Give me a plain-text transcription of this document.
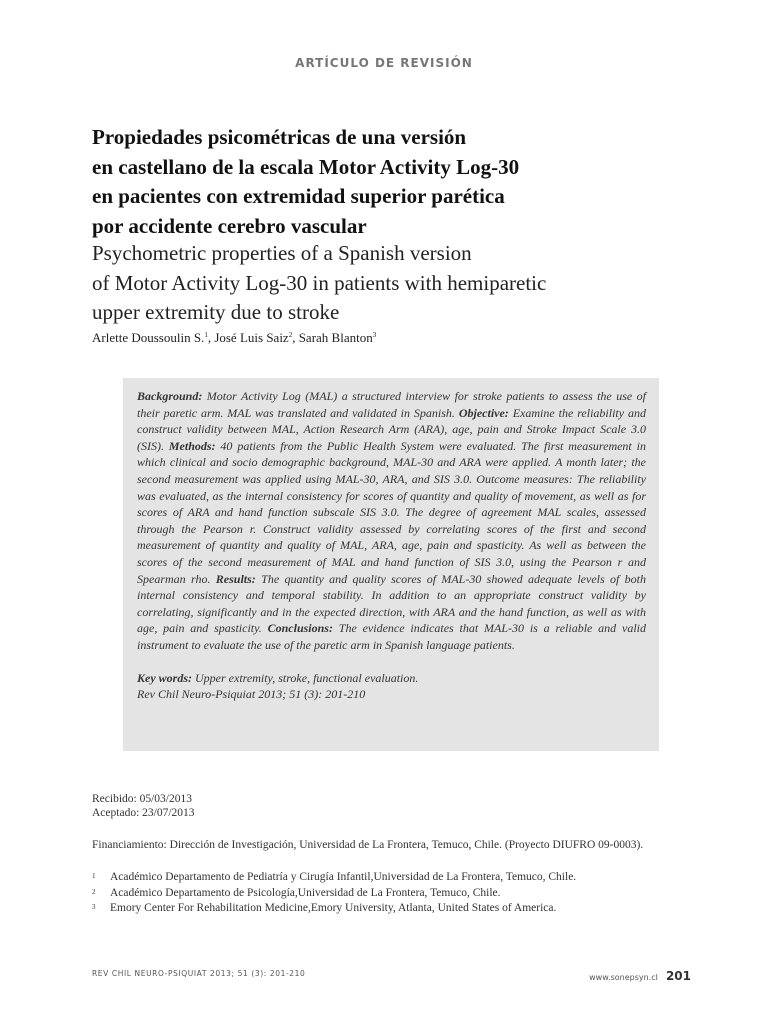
ARTÍCULO DE REVISIÓN
Propiedades psicométricas de una versión
en castellano de la escala Motor Activity Log-30
en pacientes con extremidad superior parética
por accidente cerebro vascular
Psychometric properties of a Spanish version
of Motor Activity Log-30 in patients with hemiparetic
upper extremity due to stroke
Arlette Doussoulin S.$^1$, José Luis Saiz$^2$, Sarah Blanton$^3$

Background: Motor Activity Log (MAL) a structured interview for stroke patients to assess the use of their paretic arm. MAL was translated and validated in Spanish. Objective: Examine the reliability and construct validity between MAL, Action Research Arm (ARA), age, pain and Stroke Impact Scale 3.0 (SIS). Methods: 40 patients from the Public Health System were evaluated. The first measurement in which clinical and socio demographic background, MAL-30 and ARA were applied. A month later; the second measurement was applied using MAL-30, ARA, and SIS 3.0. Outcome measures: The reliability was evaluated, as the internal consistency for scores of quantity and quality of movement, as well as for scores of ARA and hand function subscale SIS 3.0. The degree of agreement MAL scales, assessed through the Pearson r. Construct validity assessed by correlating scores of the first and second measurement of quantity and quality of MAL, ARA, age, pain and spasticity. As well as between the scores of the second measurement of MAL and hand function of SIS 3.0, using the Pearson r and Spearman rho. Results: The quantity and quality scores of MAL-30 showed adequate levels of both internal consistency and temporal stability. In addition to an appropriate construct validity by correlating, significantly and in the expected direction, with ARA and the hand function, as well as with age, pain and spasticity. Conclusions: The evidence indicates that MAL-30 is a reliable and valid instrument to evaluate the use of the paretic arm in Spanish language patients.

Key words: Upper extremity, stroke, functional evaluation.

Rev Chil Neuro-Psiquiat 2013; 51 (3): 201-210

Recibido: 05/03/2013
Aceptado: 23/07/2013
Financiamiento: Dirección de Investigación, Universidad de La Frontera, Temuco, Chile. (Proyecto DIUFRO 09-0003).
1	Académico Departamento de Pediatría y Cirugía Infantil,Universidad de La Frontera, Temuco, Chile.
2	Académico Departamento de Psicología,Universidad de La Frontera, Temuco, Chile.
3	Emory Center For Rehabilitation Medicine,Emory University, Atlanta, United States of America.
REV CHIL NEURO-PSIQUIAT 2013; 51 (3): 201-210	www.sonepsyn.cl 201
